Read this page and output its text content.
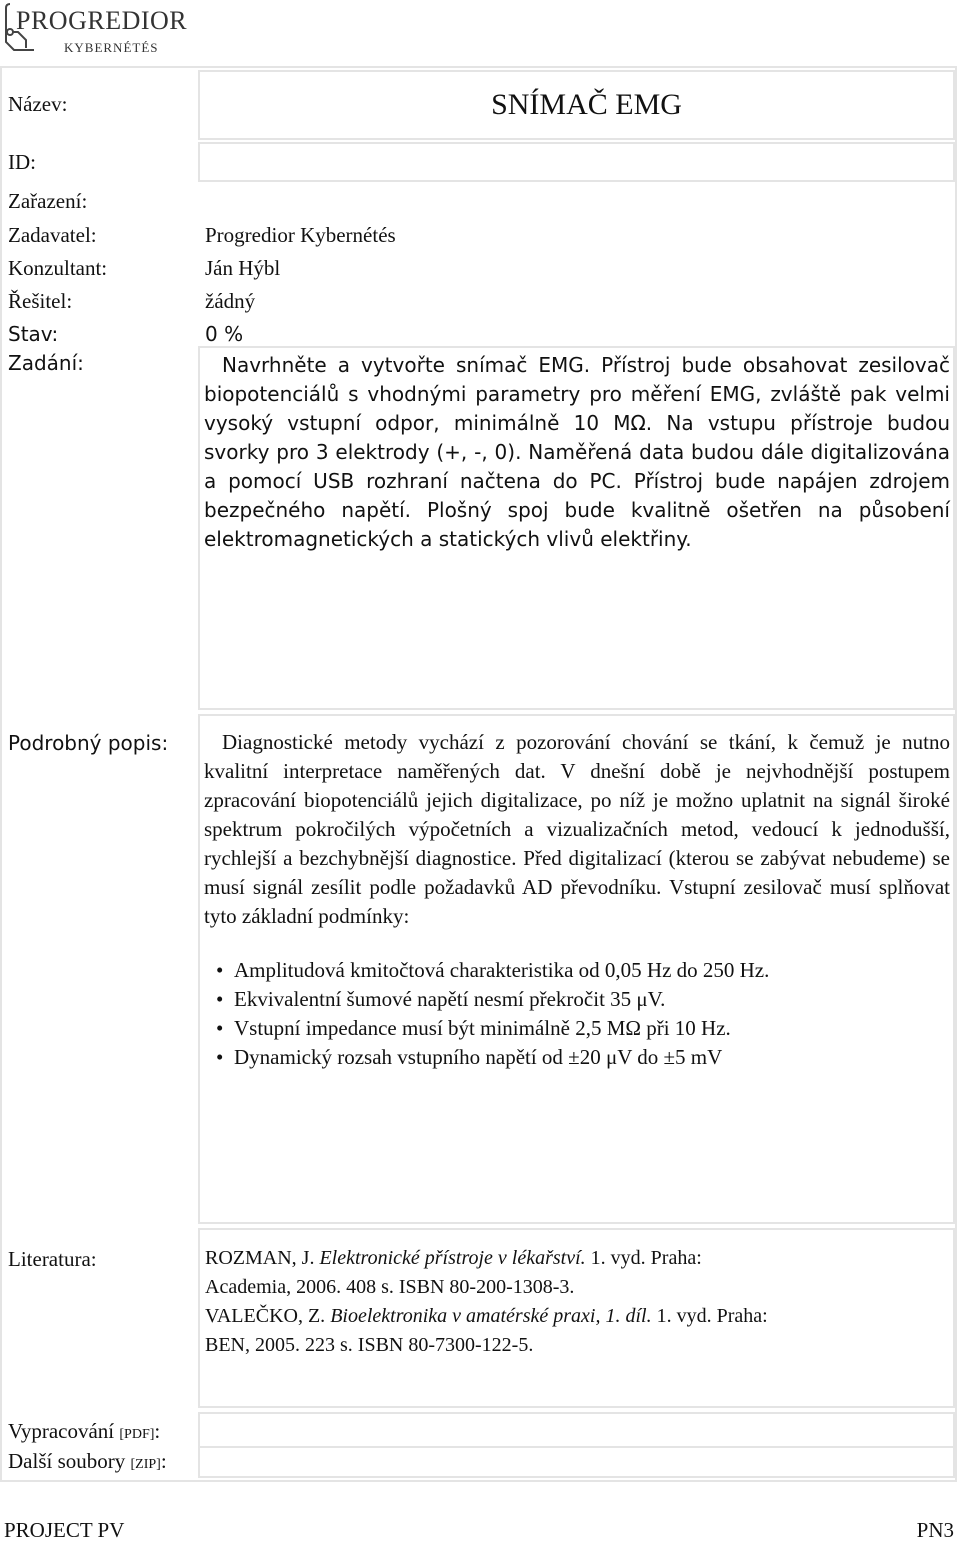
PROGREDIOR
KYBERNÉTÉS
Název:	SNÍMAČ EMG
ID:
Zařazení:
Zadavatel:	Progredior Kybernétés
Konzultant:	Ján Hýbl
Řešitel:	žádný
Stav:	0 %
Zadání:	Navrhněte a vytvořte snímač EMG. Přístroj bude obsahovat zesilovač biopotenciálů s vhodnými parametry pro měření EMG, zvláště pak velmi vysoký vstupní odpor, minimálně 10 MΩ. Na vstupu přístroje budou svorky pro 3 elektrody (+, -, 0). Naměřená data budou dále digitalizována a pomocí USB rozhraní načtena do PC. Přístroj bude napájen zdrojem bezpečného napětí. Plošný spoj bude kvalitně ošetřen na působení elektromagnetických a statických vlivů elektřiny.

Podrobný popis:	Diagnostické metody vychází z pozorování chování se tkání, k čemuž je nutno kvalitní interpretace naměřených dat. V dnešní době je nejvhodnější postupem zpracování biopotenciálů jejich digitalizace, po níž je možno uplatnit na signál široké spektrum pokročilých výpočetních a vizualizačních metod, vedoucí k jednodušší, rychlejší a bezchybnější diagnostice. Před digitalizací (kterou se zabývat nebudeme) se musí signál zesílit podle požadavků AD převodníku. Vstupní zesilovač musí splňovat tyto základní podmínky:

• Amplitudová kmitočtová charakteristika od 0,05 Hz do 250 Hz.
• Ekvivalentní šumové napětí nesmí překročit 35 μV.
• Vstupní impedance musí být minimálně 2,5 MΩ při 10 Hz.
• Dynamický rozsah vstupního napětí od ±20 μV do ±5 mV
Literatura:	ROZMAN, J. Elektronické přístroje v lékařství. 1. vyd. Praha:
Academia, 2006. 408 s. ISBN 80-200-1308-3.
VALEČKO, Z. Bioelektronika v amatérské praxi, 1. díl. 1. vyd. Praha:
BEN, 2005. 223 s. ISBN 80-7300-122-5.
Vypracování [PDF]:
Další soubory [ZIP]:
PROJECT PV	PN3
